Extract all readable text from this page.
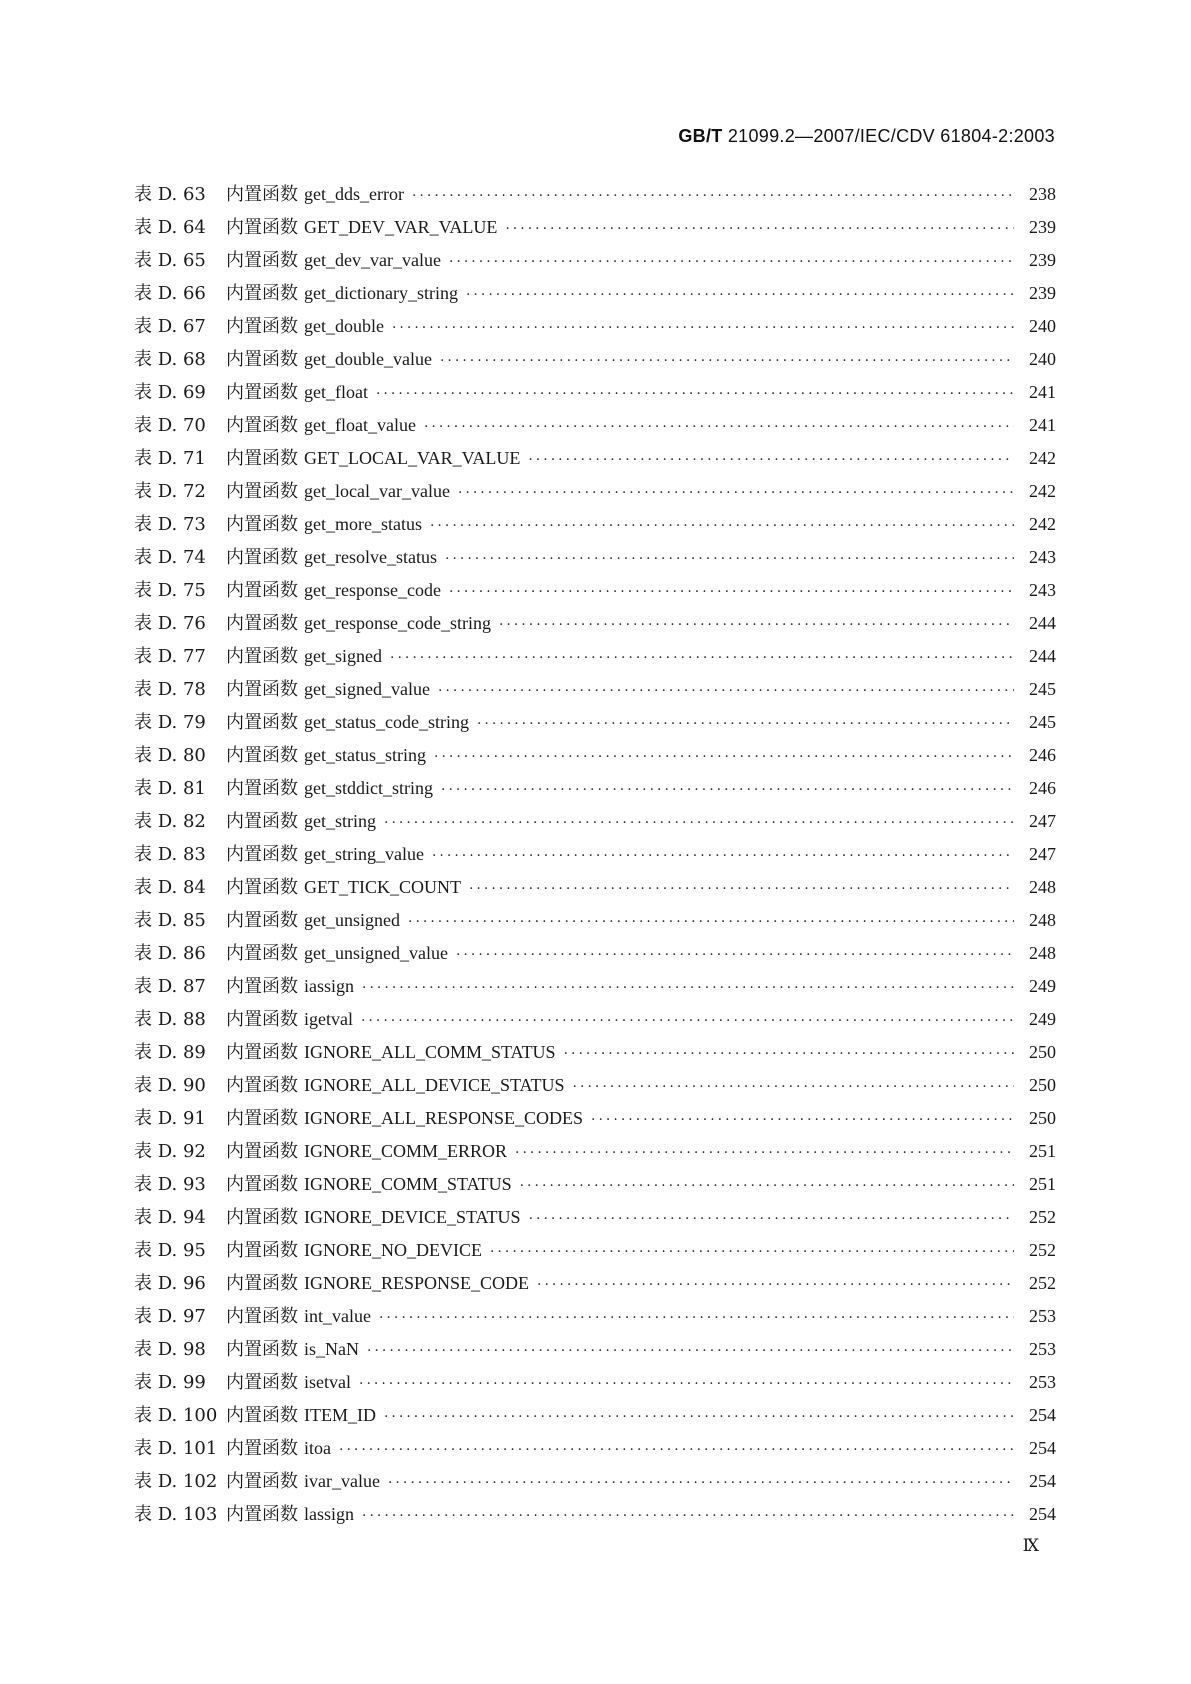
GB/T 21099.2—2007/IEC/CDV 61804-2:2003
表 D. 63	内置函数 get_dds_error ·····	238
表 D. 64	内置函数 GET_DEV_VAR_VALUE ·····	239
表 D. 65	内置函数 get_dev_var_value ·····	239
表 D. 66	内置函数 get_dictionary_string ·····	239
表 D. 67	内置函数 get_double ·····	240
表 D. 68	内置函数 get_double_value ·····	240
表 D. 69	内置函数 get_float ·····	241
表 D. 70	内置函数 get_float_value ·····	241
表 D. 71	内置函数 GET_LOCAL_VAR_VALUE ·····	242
表 D. 72	内置函数 get_local_var_value ·····	242
表 D. 73	内置函数 get_more_status ·····	242
表 D. 74	内置函数 get_resolve_status ·····	243
表 D. 75	内置函数 get_response_code ·····	243
表 D. 76	内置函数 get_response_code_string ·····	244
表 D. 77	内置函数 get_signed ·····	244
表 D. 78	内置函数 get_signed_value ·····	245
表 D. 79	内置函数 get_status_code_string ·····	245
表 D. 80	内置函数 get_status_string ·····	246
表 D. 81	内置函数 get_stddict_string ·····	246
表 D. 82	内置函数 get_string ·····	247
表 D. 83	内置函数 get_string_value ·····	247
表 D. 84	内置函数 GET_TICK_COUNT ·····	248
表 D. 85	内置函数 get_unsigned ·····	248
表 D. 86	内置函数 get_unsigned_value ·····	248
表 D. 87	内置函数 iassign ·····	249
表 D. 88	内置函数 igetval ·····	249
表 D. 89	内置函数 IGNORE_ALL_COMM_STATUS ·····	250
表 D. 90	内置函数 IGNORE_ALL_DEVICE_STATUS ·····	250
表 D. 91	内置函数 IGNORE_ALL_RESPONSE_CODES ·····	250
表 D. 92	内置函数 IGNORE_COMM_ERROR ·····	251
表 D. 93	内置函数 IGNORE_COMM_STATUS ·····	251
表 D. 94	内置函数 IGNORE_DEVICE_STATUS ·····	252
表 D. 95	内置函数 IGNORE_NO_DEVICE ·····	252
表 D. 96	内置函数 IGNORE_RESPONSE_CODE ·····	252
表 D. 97	内置函数 int_value ·····	253
表 D. 98	内置函数 is_NaN ·····	253
表 D. 99	内置函数 isetval ·····	253
表 D. 100 内置函数 ITEM_ID ·····	254
表 D. 101 内置函数 itoa ·····	254
表 D. 102 内置函数 ivar_value ·····	254
表 D. 103 内置函数 lassign ·····	254
Ⅸ
